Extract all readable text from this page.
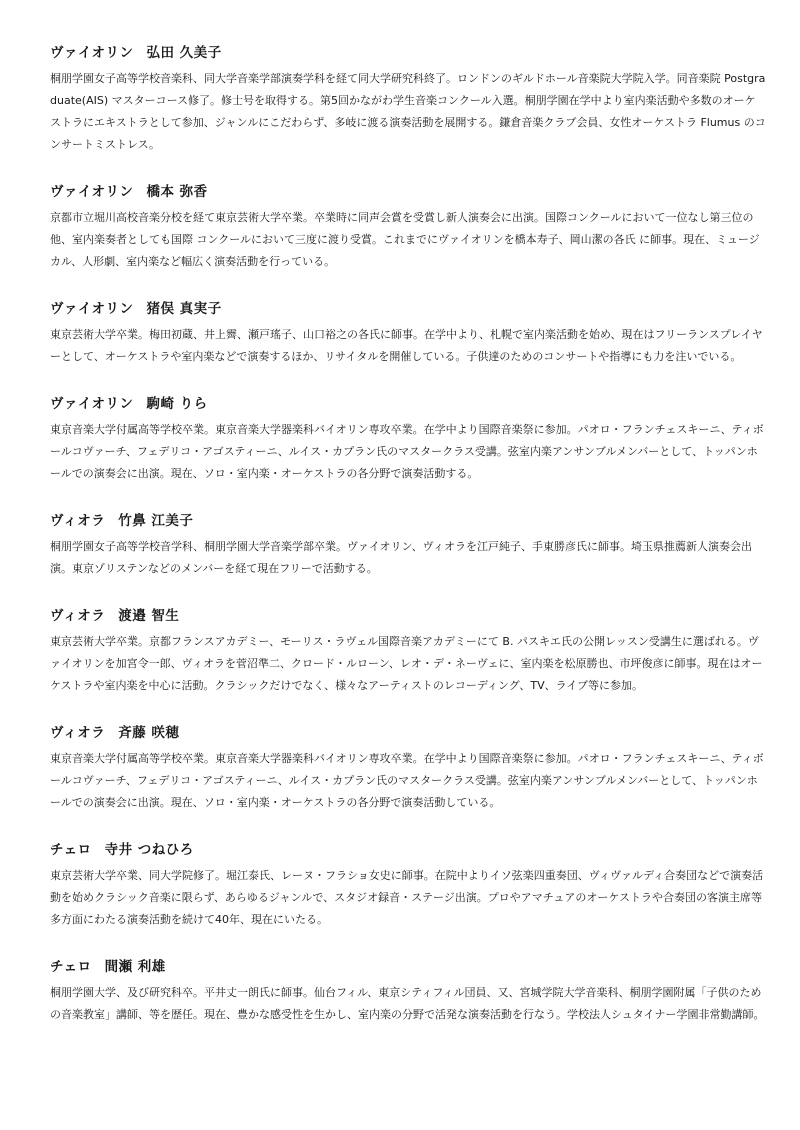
ヴァイオリン 弘田 久美子

桐朋学園女子高等学校音楽科、同大学音楽学部演奏学科を経て同大学研究科終了。ロンドンのギルドホール音楽院大学院入学。同音楽院 Postgraduate(AIS) マスターコース修了。修士号を取得する。第5回かながわ学生音楽コンクール入選。桐朋学園在学中より室内楽活動や多数のオーケストラにエキストラとして参加、ジャンルにこだわらず、多岐に渡る演奏活動を展開する。鎌倉音楽クラブ会員、女性オーケストラ Flumus のコンサートミストレス。

ヴァイオリン 橋本 弥香

京都市立堀川高校音楽分校を経て東京芸術大学卒業。卒業時に同声会賞を受賞し新人演奏会に出演。国際コンクールにおいて一位なし第三位の他、室内楽奏者としても国際 コンクールにおいて三度に渡り受賞。これまでにヴァイオリンを橋本寿子、岡山潔の各氏 に師事。現在、ミュージカル、人形劇、室内楽など幅広く演奏活動を行っている。

ヴァイオリン 猪俣 真実子

東京芸術大学卒業。梅田初蔵、井上霽、瀬戸瑤子、山口裕之の各氏に師事。在学中より、札幌で室内楽活動を始め、現在はフリーランスプレイヤーとして、オーケストラや室内楽などで演奏するほか、リサイタルを開催している。子供達のためのコンサートや指導にも力を注いでいる。

ヴァイオリン 駒崎 りら

東京音楽大学付属高等学校卒業。東京音楽大学器楽科バイオリン専攻卒業。在学中より国際音楽祭に参加。パオロ・フランチェスキーニ、ティボールコヴァーチ、フェデリコ・アゴスティーニ、ルイス・カプラン氏のマスタークラス受講。弦室内楽アンサンブルメンバーとして、トッパンホールでの演奏会に出演。現在、ソロ・室内楽・オーケストラの各分野で演奏活動する。

ヴィオラ 竹鼻 江美子

桐朋学園女子高等学校音学科、桐朋学園大学音楽学部卒業。ヴァイオリン、ヴィオラを江戸純子、手東勝彦氏に師事。埼玉県推薦新人演奏会出演。東京ゾリステンなどのメンバーを経て現在フリーで活動する。

ヴィオラ 渡邉 智生

東京芸術大学卒業。京都フランスアカデミー、モーリス・ラヴェル国際音楽アカデミーにて B. パスキエ氏の公開レッスン受講生に選ばれる。ヴァイオリンを加宮令一郎、ヴィオラを菅沼準二、クロード・ルローン、レオ・デ・ネーヴェに、室内楽を松原勝也、市坪俊彦に師事。現在はオーケストラや室内楽を中心に活動。クラシックだけでなく、様々なアーティストのレコーディング、TV、ライブ等に参加。

ヴィオラ 斉藤 咲穂

東京音楽大学付属高等学校卒業。東京音楽大学器楽科バイオリン専攻卒業。在学中より国際音楽祭に参加。パオロ・フランチェスキーニ、ティボールコヴァーチ、フェデリコ・アゴスティーニ、ルイス・カプラン氏のマスタークラス受講。弦室内楽アンサンブルメンバーとして、トッパンホールでの演奏会に出演。現在、ソロ・室内楽・オーケストラの各分野で演奏活動している。

チェロ 寺井 つねひろ

東京芸術大学卒業、同大学院修了。堀江泰氏、レーヌ・フラショ女史に師事。在院中よりイソ弦楽四重奏団、ヴィヴァルディ合奏団などで演奏活動を始めクラシック音楽に限らず、あらゆるジャンルで、スタジオ録音・ステージ出演。プロやアマチュアのオーケストラや合奏団の客演主席等多方面にわたる演奏活動を続けて40年、現在にいたる。

チェロ 間瀬 利雄

桐朋学園大学、及び研究科卒。平井丈一朗氏に師事。仙台フィル、東京シティフィル団員、又、宮城学院大学音楽科、桐朋学園附属「子供のための音楽教室」講師、等を歴任。現在、豊かな感受性を生かし、室内楽の分野で活発な演奏活動を行なう。学校法人シュタイナー学園非常勤講師。
